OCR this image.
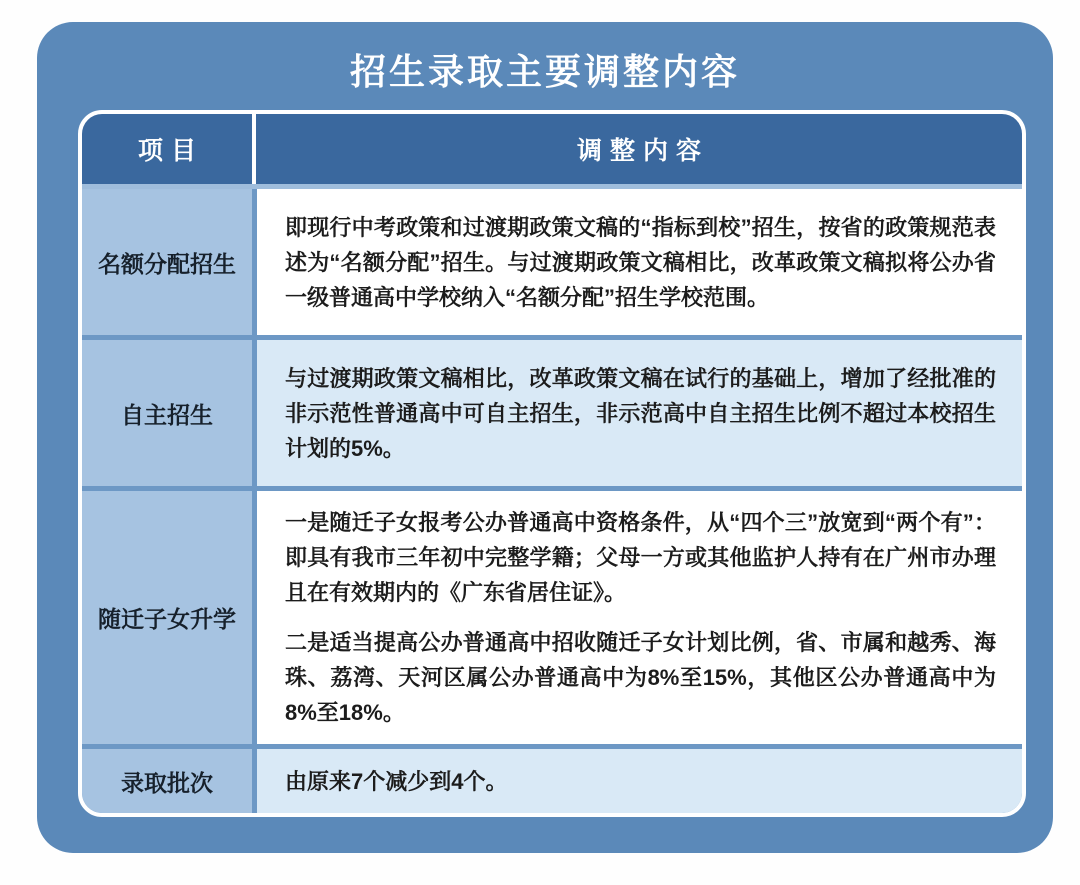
招生录取主要调整内容
项目	调整内容
名额分配招生

即现行中考政策和过渡期政策文稿的“指标到校”招生，按省的政策规范表述为“名额分配”招生。与过渡期政策文稿相比，改革政策文稿拟将公办省一级普通高中学校纳入“名额分配”招生学校范围。

自主招生

与过渡期政策文稿相比，改革政策文稿在试行的基础上，增加了经批准的非示范性普通高中可自主招生，非示范高中自主招生比例不超过本校招生计划的5%。

随迁子女升学

一是随迁子女报考公办普通高中资格条件，从“四个三”放宽到“两个有”：即具有我市三年初中完整学籍；父母一方或其他监护人持有在广州市办理且在有效期内的《广东省居住证》。

二是适当提高公办普通高中招收随迁子女计划比例，省、市属和越秀、海珠、荔湾、天河区属公办普通高中为8%至15%，其他区公办普通高中为8%至18%。

录取批次	由原来7个减少到4个。
